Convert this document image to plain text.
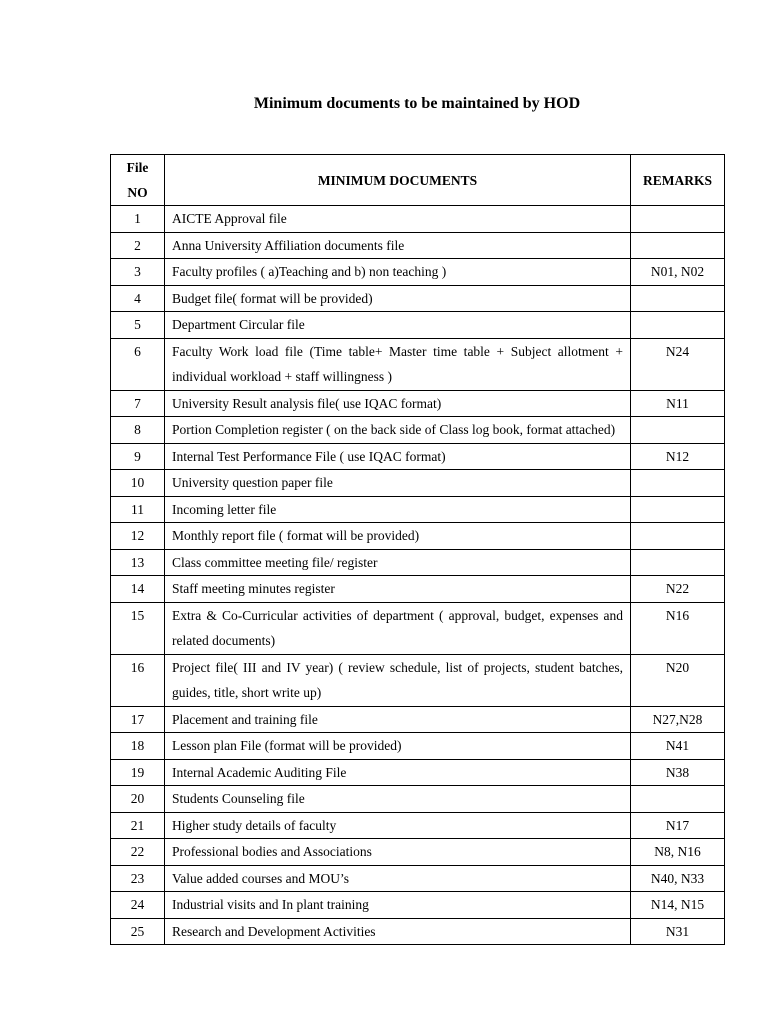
Minimum documents to be maintained by HOD
File
NO	MINIMUM DOCUMENTS	REMARKS
1	AICTE Approval file	
2	Anna University Affiliation documents file	
3	Faculty profiles ( a)Teaching and b) non teaching )	N01, N02
4	Budget file( format will be provided)	
5	Department Circular file	
6	Faculty Work load file (Time table+ Master time table + Subject allotment + individual workload + staff willingness )	N24
7	University Result analysis file( use IQAC format)	N11
8	Portion Completion register ( on the back side of Class log book, format attached)	
9	Internal Test Performance File ( use IQAC format)	N12
10	University question paper file	
11	Incoming letter file	
12	Monthly report file ( format will be provided)	
13	Class committee meeting file/ register	
14	Staff meeting minutes register	N22
15	Extra & Co-Curricular activities of department ( approval, budget, expenses and related documents)	N16
16	Project file( III and IV year) ( review schedule, list of projects, student batches, guides, title, short write up)	N20
17	Placement and training file	N27,N28
18	Lesson plan File (format will be provided)	N41
19	Internal Academic Auditing File	N38
20	Students Counseling file	
21	Higher study details of faculty	N17
22	Professional bodies and Associations	N8, N16
23	Value added courses and MOU’s	N40, N33
24	Industrial visits and In plant training	N14, N15
25	Research and Development Activities	N31
